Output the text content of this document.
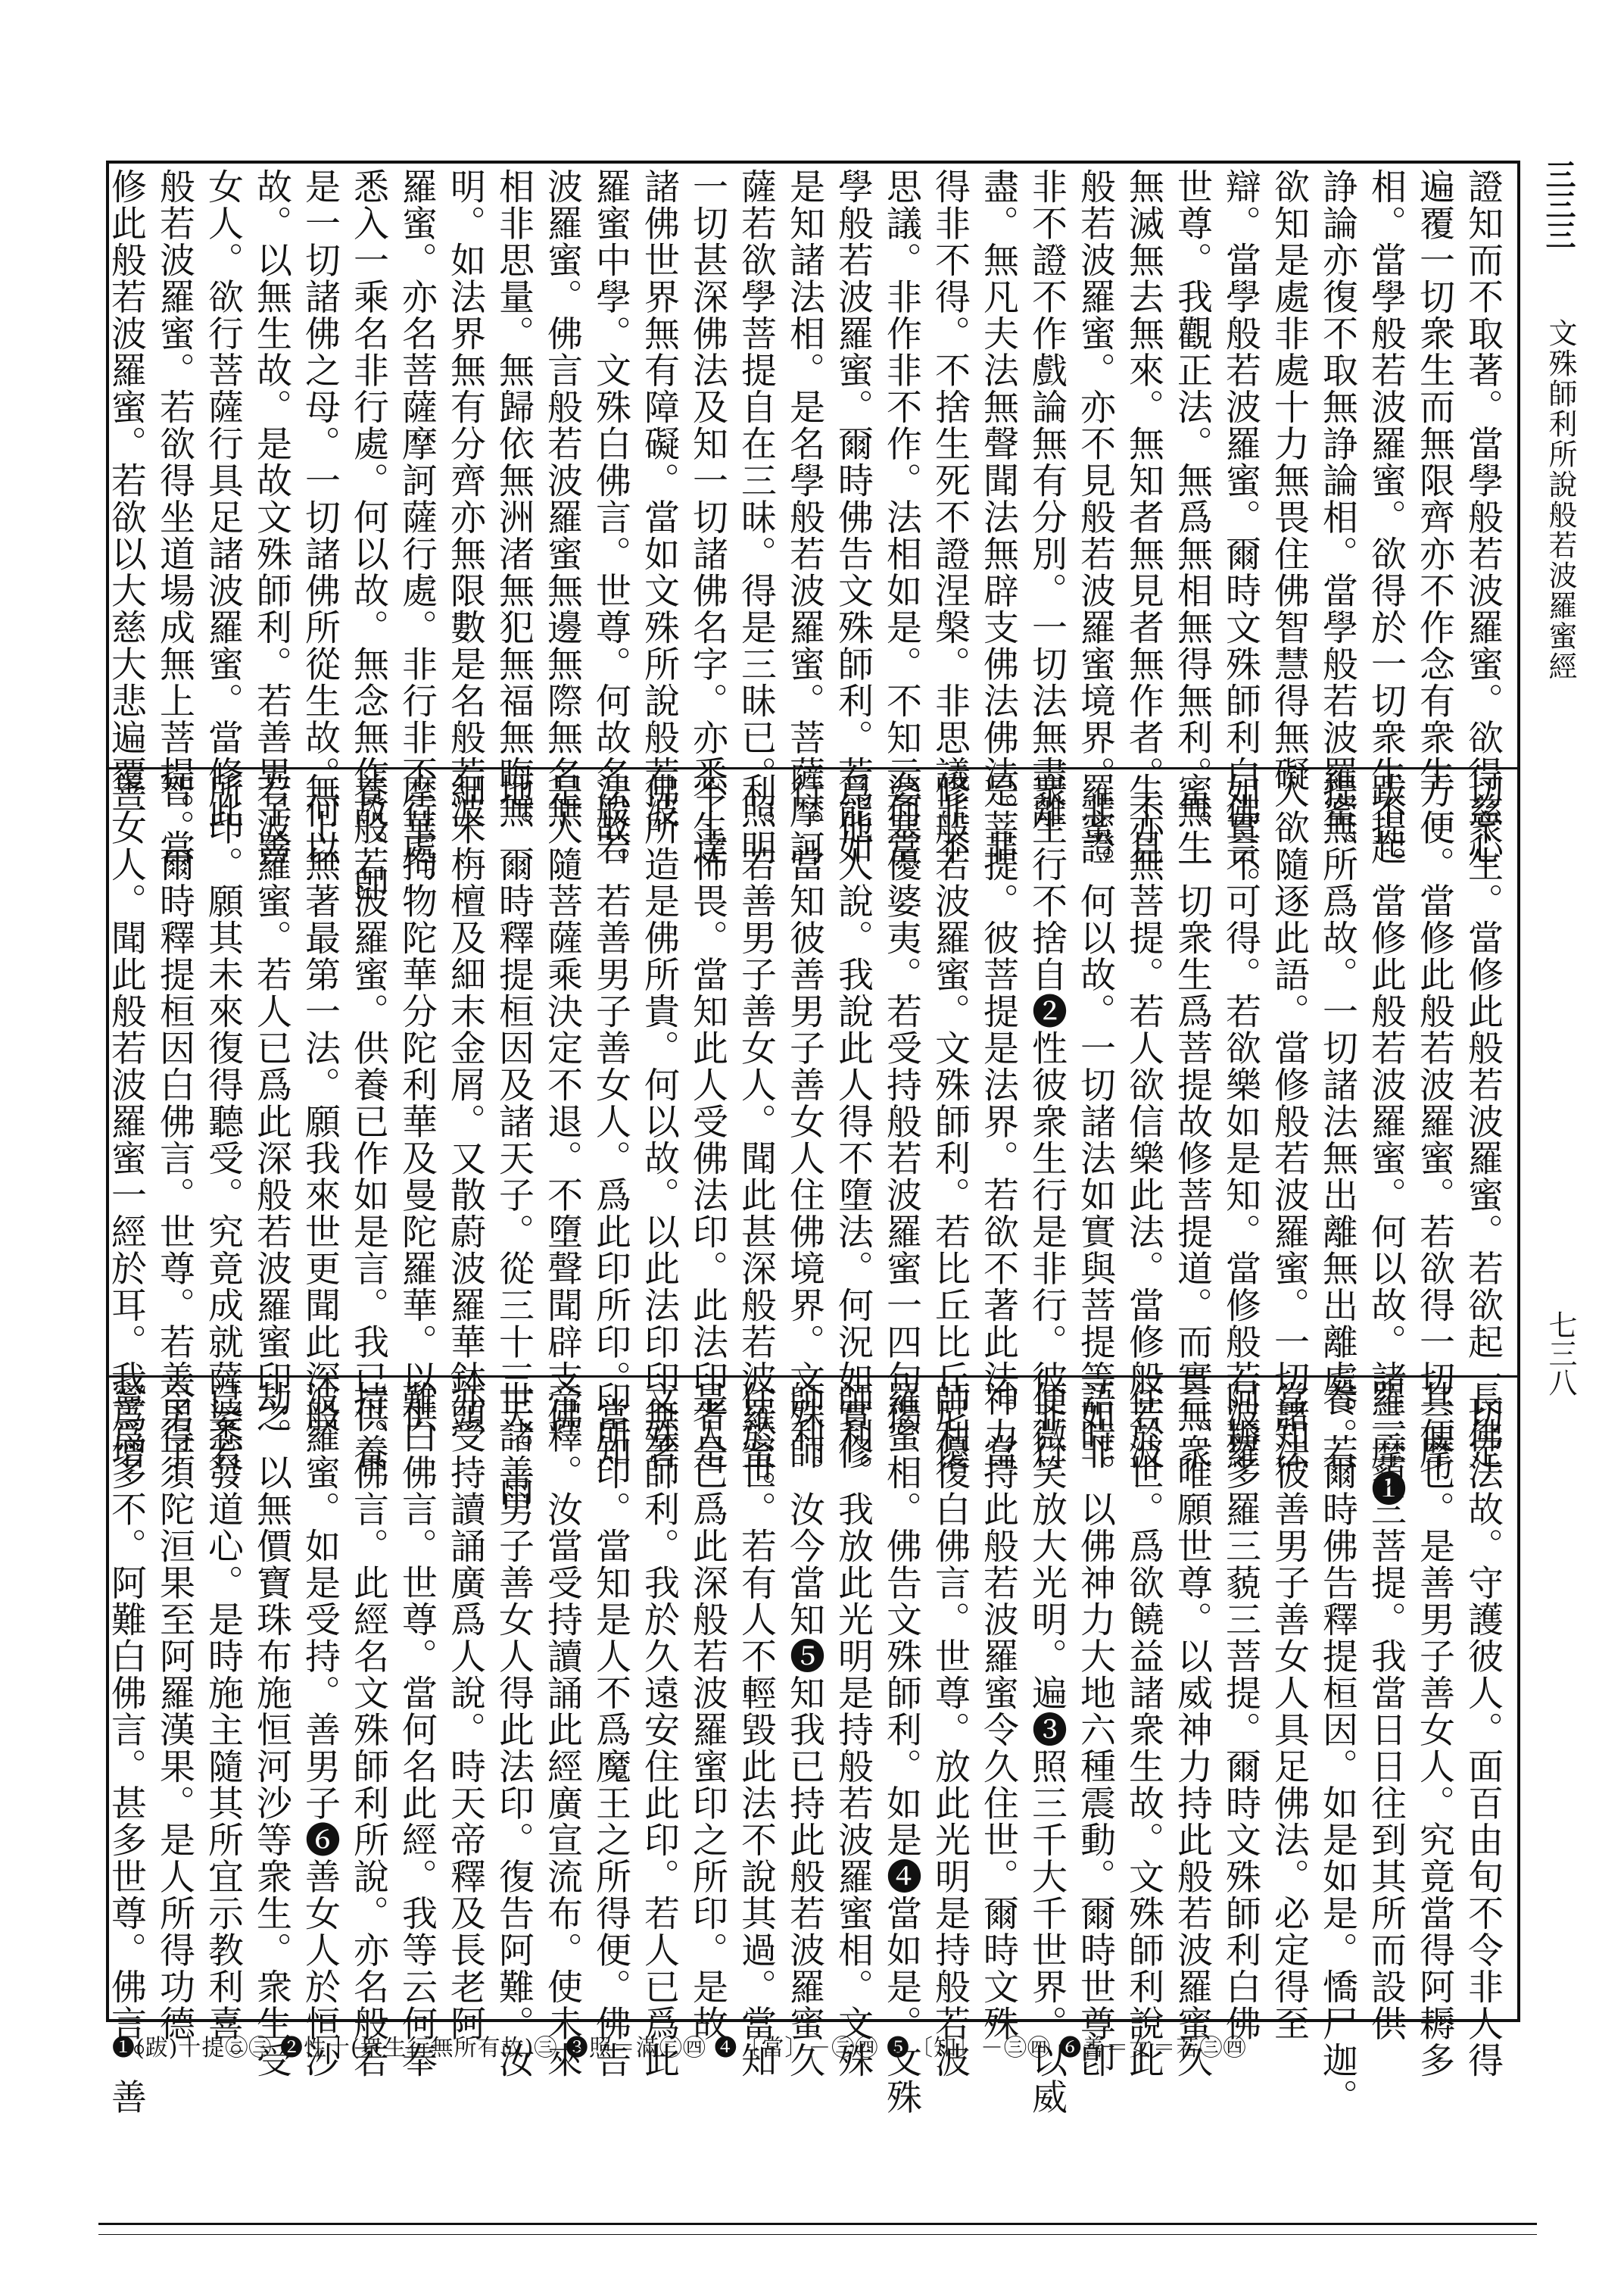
三三三
文殊師利所說般若波羅蜜經
七三八
證知而不取著。當學般若波羅蜜。欲得慈心
遍覆一切衆生而無限齊亦不作念有衆生
相。當學般若波羅蜜。欲得於一切衆生不起
諍論亦復不取無諍論相。當學般若波羅蜜。
欲知是處非處十力無畏住佛智慧得無礙
辯。當學般若波羅蜜。爾時文殊師利白佛言。
世尊。我觀正法。無爲無相無得無利。無生
無滅無去無來。無知者無見者無作者。不見
般若波羅蜜。亦不見般若波羅蜜境界。非證
非不證不作戲論無有分別。一切法無盡離
盡。無凡夫法無聲聞法無辟支佛法佛法。非
得非不得。不捨生死不證涅槃。非思議非不
思議。非作非不作。法相如是。不知云何當
學般若波羅蜜。爾時佛告文殊師利。若能如
是知諸法相。是名學般若波羅蜜。菩薩摩訶
薩若欲學菩提自在三昧。得是三昧已。照明
一切甚深佛法及知一切諸佛名字。亦悉了達
諸佛世界無有障礙。當如文殊所說般若波
羅蜜中學。文殊白佛言。世尊。何故名般若
波羅蜜。佛言般若波羅蜜無邊無際無名無
相非思量。無歸依無洲渚無犯無福無晦無
明。如法界無有分齊亦無限數是名般若波
羅蜜。亦名菩薩摩訶薩行處。非行非不行處。
悉入一乘名非行處。何以故。無念無作故。卽
是一切諸佛之母。一切諸佛所從生故。何以
故。以無生故。是故文殊師利。若善男子善
女人。欲行菩薩行具足諸波羅蜜。當修此
般若波羅蜜。若欲得坐道場成無上菩提。當
修此般若波羅蜜。若欲以大慈大悲遍覆一
切衆生。當修此般若波羅蜜。若欲起一切定
方便。當修此般若波羅蜜。若欲得一切三摩
跋提。當修此般若波羅蜜。何以故。諸三摩❶
提無所爲故。一切諸法無出離無出離處。若
人欲隨逐此語。當修般若波羅蜜。一切諸法
如實不可得。若欲樂如是知。當修般若波羅
蜜。一切衆生爲菩提故修菩提道。而實無衆
生亦無菩提。若人欲信樂此法。當修般若波
羅蜜。何以故。一切諸法如實與菩提等如非
衆生行不捨自❷性彼衆生行是非行。彼非行
是菩提。彼菩提是法界。若欲不著此法。當
修般若波羅蜜。文殊師利。若比丘比丘尼優
婆塞優婆夷。若受持般若波羅蜜一四句偈
爲他人說。我說此人得不墮法。何況如實修
行。當知彼善男子善女人住佛境界。文殊師
利。若善男子善女人。聞此甚深般若波羅蜜。
不生怖畏。當知此人受佛法印。此法印者是
佛所造是佛所貴。何以故。以此法印印無著
法故。若善男子善女人。爲此印所印。當知
是人隨菩薩乘決定不退。不墮聲聞辟支佛
地。爾時釋提桓因及諸天子。從三十三天。雨
細末栴檀及細末金屑。又散蔚波羅華鉢頭
摩華拘物陀華分陀利華及曼陀羅華。以供
養般若波羅蜜。供養已作如是言。我已供養
無上無著最第一法。願我來世更聞此深般
若波羅蜜。若人已爲此深般若波羅蜜印之
所印。願其未來復得聽受。究竟成就薩婆若
智。爾時釋提桓因白佛言。世尊。若善男子
善女人。聞此般若波羅蜜一經於耳。我爲增
長佛法故。守護彼人。面百由旬不令非人得
其便也。是善男子善女人。究竟當得阿耨多
羅三藐三菩提。我當日日往到其所而設供
養。爾時佛告釋提桓因。如是如是。憍尸迦。
當知彼善男子善女人具足佛法。必定得至
阿耨多羅三藐三菩提。爾時文殊師利白佛
言。唯願世尊。以威神力持此般若波羅蜜久
住於世。爲欲饒益諸衆生故。文殊師利說此
語時。以佛神力大地六種震動。爾時世尊卽
便微笑放大光明。遍❸照三千大千世界。以威
神力持此般若波羅蜜令久住世。爾時文殊
師利復白佛言。世尊。放此光明是持般若波
羅蜜相。佛告文殊師利。如是❹當如是。文殊
師利。我放此光明是持般若波羅蜜相。文殊
師利。汝今當知❺知我已持此般若波羅蜜久
住於世。若有人不輕毀此法不說其過。當知
是人已爲此深般若波羅蜜印之所印。是故
文殊師利。我於久遠安住此印。若人已爲此
印所印。當知是人不爲魔王之所得便。佛告
帝釋。汝當受持讀誦此經廣宣流布。使未來
世諸善男子善女人得此法印。復告阿難。汝
亦受持讀誦廣爲人說。時天帝釋及長老阿
難白佛言。世尊。當何名此經。我等云何奉
持。佛言。此經名文殊師利所說。亦名般若
波羅蜜。如是受持。善男子❻善女人於恒沙
劫。以無價寶珠布施恒河沙等衆生。衆生受
已悉發道心。是時施主隨其所宜示教利喜。
令得須陀洹果至阿羅漢果。是人所得功德
寧爲多不。阿難白佛言。甚多世尊。佛言。善
❶(跋)十提㊁㊂ ❷性十(衆生行無所有故)㊂ ❸照＝滿㊂㊃ ❹〔當〕－㊂㊃ ❺〔知〕－㊂㊃ ❻善＝女＝若㊂㊃
